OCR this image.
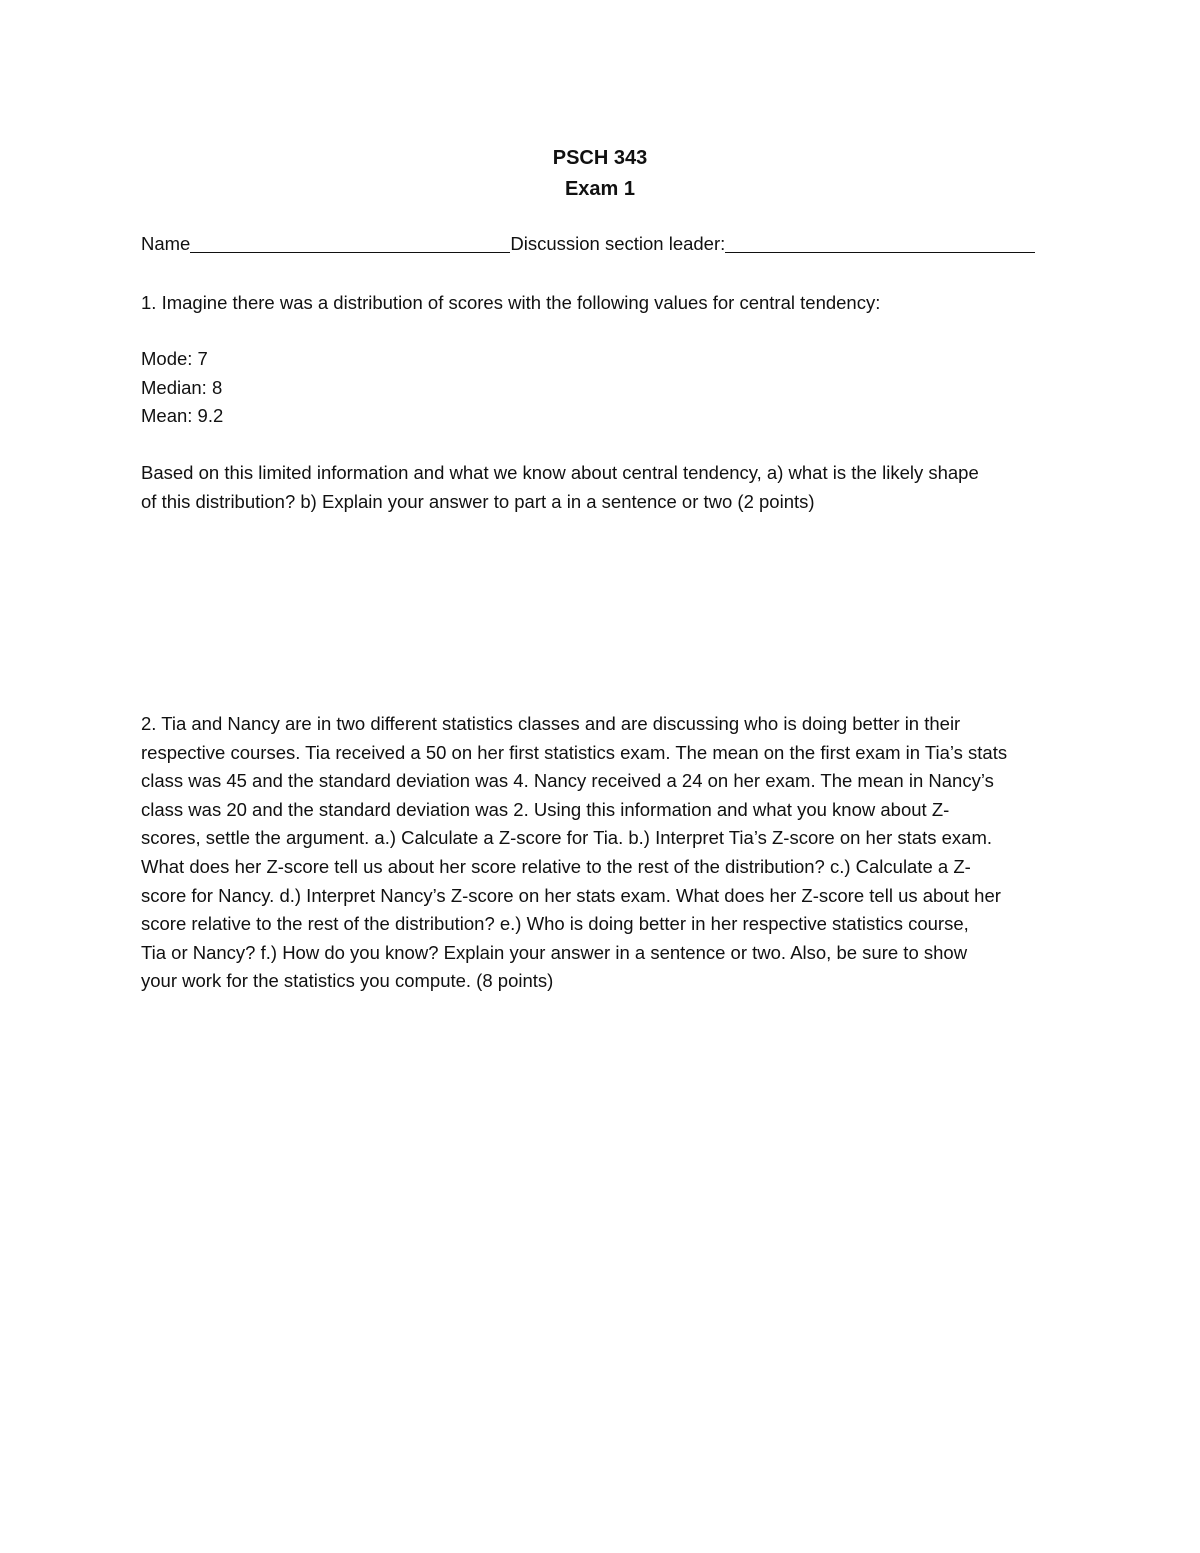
PSCH 343
Exam 1
Name	Discussion section leader:
1. Imagine there was a distribution of scores with the following values for central tendency:
Mode: 7
Median: 8
Mean: 9.2
Based on this limited information and what we know about central tendency, a) what is the likely shape
of this distribution? b) Explain your answer to part a in a sentence or two (2 points)
2. Tia and Nancy are in two different statistics classes and are discussing who is doing better in their
respective courses. Tia received a 50 on her first statistics exam. The mean on the first exam in Tia’s stats
class was 45 and the standard deviation was 4. Nancy received a 24 on her exam. The mean in Nancy’s
class was 20 and the standard deviation was 2. Using this information and what you know about Z-
scores, settle the argument. a.) Calculate a Z-score for Tia. b.) Interpret Tia’s Z-score on her stats exam.
What does her Z-score tell us about her score relative to the rest of the distribution? c.) Calculate a Z-
score for Nancy. d.) Interpret Nancy’s Z-score on her stats exam. What does her Z-score tell us about her
score relative to the rest of the distribution? e.) Who is doing better in her respective statistics course,
Tia or Nancy? f.) How do you know? Explain your answer in a sentence or two. Also, be sure to show
your work for the statistics you compute. (8 points)
